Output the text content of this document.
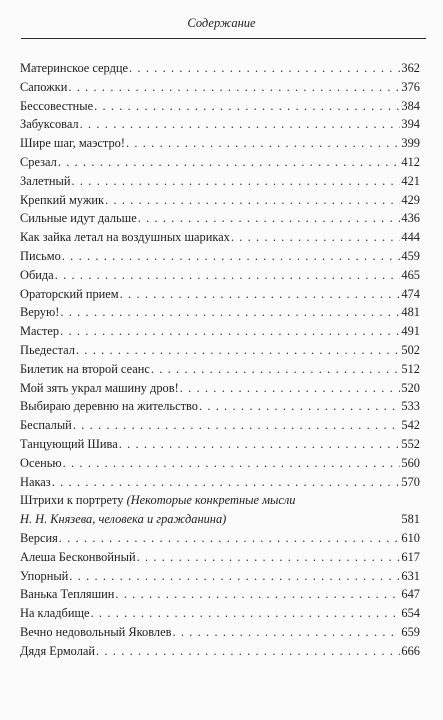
Содержание
Материнское сердце . . .	362
Сапожки . . .	376
Бессовестные . . .	384
Забуксовал . . .	394
Шире шаг, маэстро! . . .	399
Срезал . . .	412
Залетный . . .	421
Крепкий мужик . . .	429
Сильные идут дальше . . .	436
Как зайка летал на воздушных шариках . . .	444
Письмо . . .	459
Обида . . .	465
Ораторский прием . . .	474
Верую! . . .	481
Мастер . . .	491
Пьедестал . . .	502
Билетик на второй сеанс . . .	512
Мой зять украл машину дров! . . .	520
Выбираю деревню на жительство . . .	533
Беспалый . . .	542
Танцующий Шива . . .	552
Осенью . . .	560
Наказ . . .	570
Штрихи к портрету (Некоторые конкретные мысли
Н. Н. Князева, человека и гражданина)	581
Версия . . .	610
Алеша Бесконвойный . . .	617
Упорный . . .	631
Ванька Тепляшин . . .	647
На кладбище . . .	654
Вечно недовольный Яковлев . . .	659
Дядя Ермолай . . .	666
